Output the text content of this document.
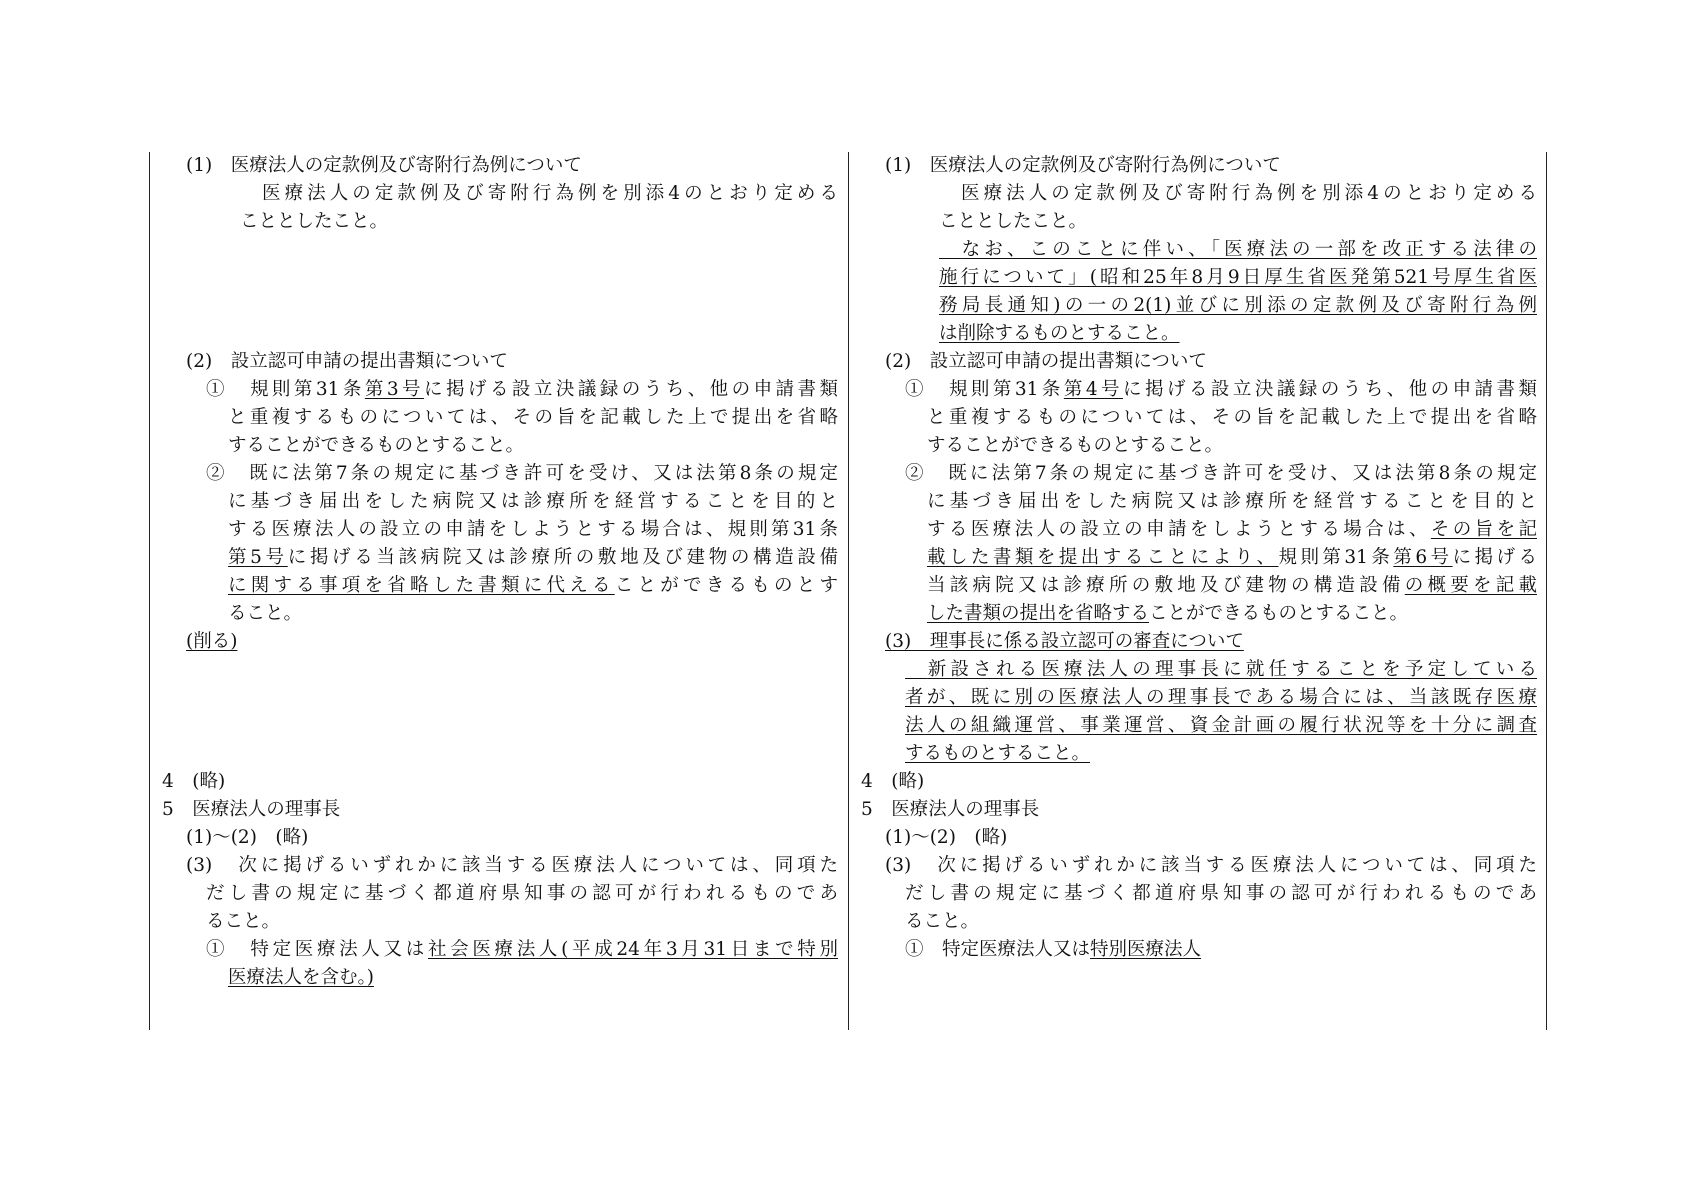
(1)　医療法人の定款例及び寄附行為例について
医療法人の定款例及び寄附行為例を別添4のとおり定める
こととしたこと。
(2)　設立認可申請の提出書類について
①　規則第31条第3号に掲げる設立決議録のうち、他の申請書類
と重複するものについては、その旨を記載した上で提出を省略
することができるものとすること。
②　既に法第7条の規定に基づき許可を受け、又は法第8条の規定
に基づき届出をした病院又は診療所を経営することを目的と
する医療法人の設立の申請をしようとする場合は、規則第31条
第5号に掲げる当該病院又は診療所の敷地及び建物の構造設備
に関する事項を省略した書類に代えることができるものとす
ること。
(削る)
4　(略)
5　医療法人の理事長
(1)～(2)　(略)
(3)　次に掲げるいずれかに該当する医療法人については、同項た
だし書の規定に基づく都道府県知事の認可が行われるものであ
ること。
①　特定医療法人又は社会医療法人(平成24年3月31日まで特別
医療法人を含む。)
(1)　医療法人の定款例及び寄附行為例について
医療法人の定款例及び寄附行為例を別添4のとおり定める
こととしたこと。
　なお、このことに伴い、「医療法の一部を改正する法律の
施行について」(昭和25年8月9日厚生省医発第521号厚生省医
務局長通知)の一の2(1)並びに別添の定款例及び寄附行為例
は削除するものとすること。
(2)　設立認可申請の提出書類について
①　規則第31条第4号に掲げる設立決議録のうち、他の申請書類
と重複するものについては、その旨を記載した上で提出を省略
することができるものとすること。
②　既に法第7条の規定に基づき許可を受け、又は法第8条の規定
に基づき届出をした病院又は診療所を経営することを目的と
する医療法人の設立の申請をしようとする場合は、その旨を記
載した書類を提出することにより、規則第31条第6号に掲げる
当該病院又は診療所の敷地及び建物の構造設備の概要を記載
した書類の提出を省略することができるものとすること。
(3)　理事長に係る設立認可の審査について
　新設される医療法人の理事長に就任することを予定している
者が、既に別の医療法人の理事長である場合には、当該既存医療
法人の組織運営、事業運営、資金計画の履行状況等を十分に調査
するものとすること。
4　(略)
5　医療法人の理事長
(1)～(2)　(略)
(3)　次に掲げるいずれかに該当する医療法人については、同項た
だし書の規定に基づく都道府県知事の認可が行われるものであ
ること。
①　特定医療法人又は特別医療法人
